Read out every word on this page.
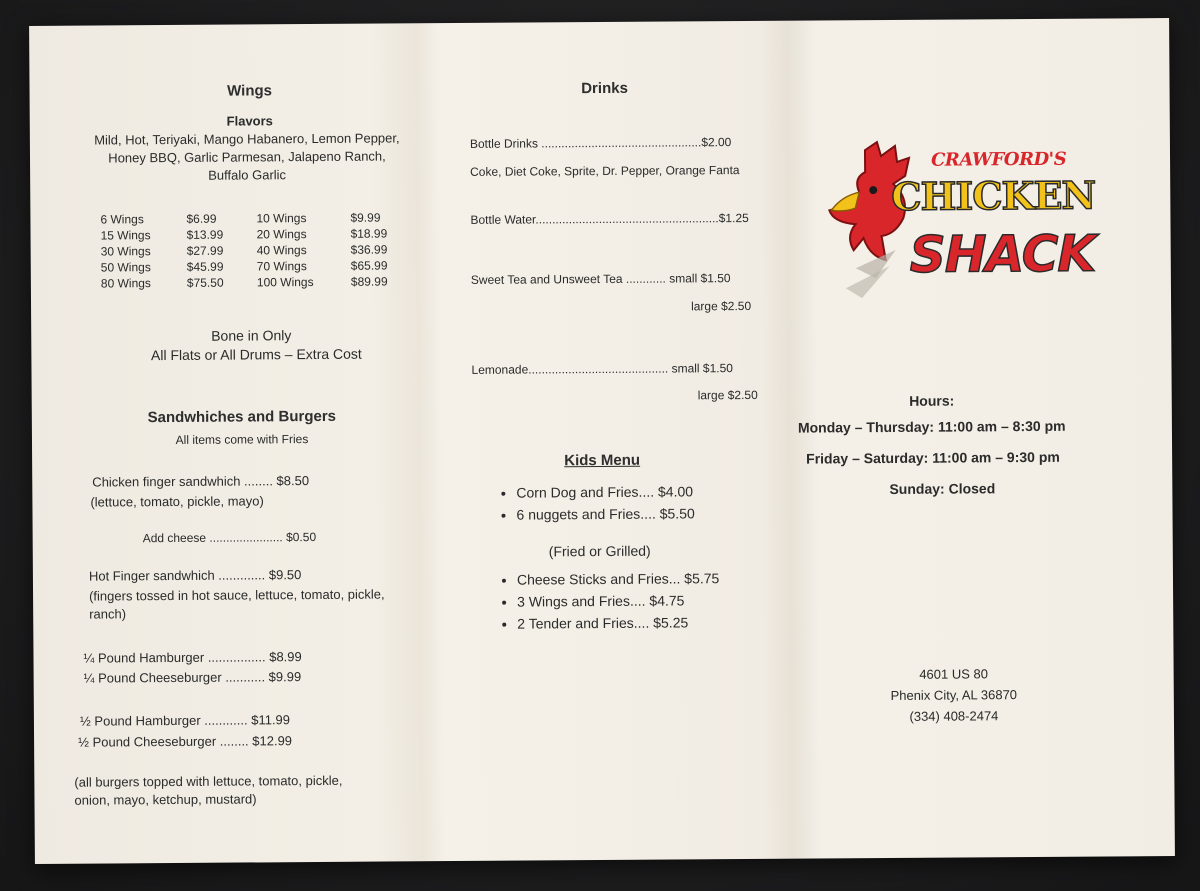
Wings
Flavors
Mild, Hot, Teriyaki, Mango Habanero, Lemon Pepper, Honey BBQ, Garlic Parmesan, Jalapeno Ranch, Buffalo Garlic
6 Wings	$6.99	10 Wings	$9.99
15 Wings	$13.99	20 Wings	$18.99
30 Wings	$27.99	40 Wings	$36.99
50 Wings	$45.99	70 Wings	$65.99
80 Wings	$75.50	100 Wings	$89.99
Bone in Only
All Flats or All Drums – Extra Cost
Sandwhiches and Burgers
All items come with Fries
Chicken finger sandwhich ........ $8.50
(lettuce, tomato, pickle, mayo)
Add cheese ...................... $0.50
Hot Finger sandwhich ............. $9.50
(fingers tossed in hot sauce, lettuce, tomato, pickle, ranch)
¼ Pound Hamburger ................ $8.99
¼ Pound Cheeseburger ........... $9.99
½ Pound Hamburger ............ $11.99
½ Pound Cheeseburger ........ $12.99
(all burgers topped with lettuce, tomato, pickle, onion, mayo, ketchup, mustard)
Drinks
Bottle Drinks ................................................$2.00
Coke, Diet Coke, Sprite, Dr. Pepper, Orange Fanta
Bottle Water.......................................................$1.25
Sweet Tea and Unsweet Tea ............ small $1.50
large $2.50
Lemonade.......................................... small $1.50
large $2.50
Kids Menu
• Corn Dog and Fries.... $4.00
• 6 nuggets and Fries.... $5.50
(Fried or Grilled)
• Cheese Sticks and Fries... $5.75
• 3 Wings and Fries.... $4.75
• 2 Tender and Fries.... $5.25
CRAWFORD'S
CHICKEN
SHACK
Hours:
Monday – Thursday: 11:00 am – 8:30 pm
Friday – Saturday: 11:00 am – 9:30 pm
Sunday: Closed
4601 US 80
Phenix City, AL 36870
(334) 408-2474
